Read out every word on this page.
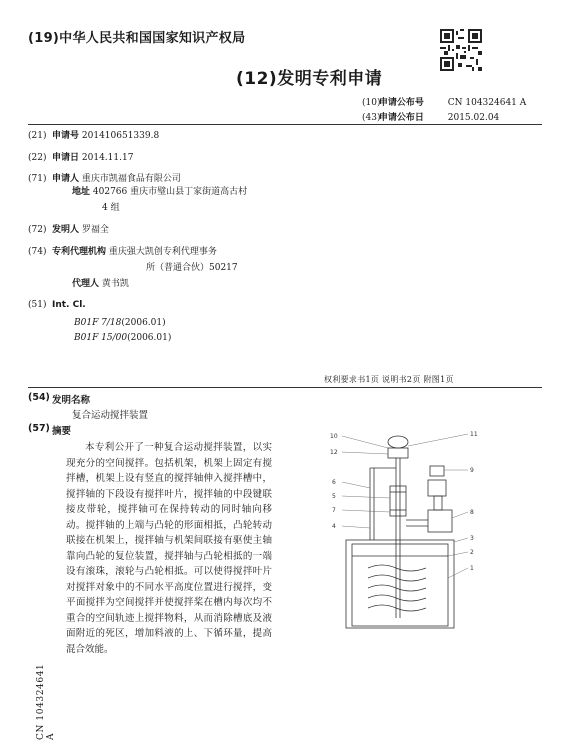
(19)中华人民共和国国家知识产权局
(12)发明专利申请
(10) 申请公布号	CN 104324641 A
(43) 申请公布日	2015.02.04
(21) 申请号 201410651339.8
(22) 申请日 2014.11.17
(71) 申请人 重庆市凯福食品有限公司
地址 402766 重庆市璧山县丁家街道高古村
4 组
(72) 发明人 罗福全
(74) 专利代理机构 重庆强大凯创专利代理事务
所（普通合伙）50217
代理人 黄书凯
(51) Int. Cl.
B01F 7/18(2006.01)
B01F 15/00(2006.01)
权利要求书1页 说明书2页 附图1页
(54) 发明名称
复合运动搅拌装置
(57) 摘要
本专利公开了一种复合运动搅拌装置，以实现充分的空间搅拌。包括机架，机架上固定有搅拌槽，机架上设有竖直的搅拌轴伸入搅拌槽中，搅拌轴的下段设有搅拌叶片，搅拌轴的中段键联接皮带轮，搅拌轴可在保持转动的同时轴向移动。搅拌轴的上端与凸轮的形面相抵，凸轮转动联接在机架上，搅拌轴与机架间联接有驱使主轴靠向凸轮的复位装置，搅拌轴与凸轮相抵的一端设有滚珠，滚轮与凸轮相抵。可以使得搅拌叶片对搅拌对象中的不同水平高度位置进行搅拌，变平面搅拌为空间搅拌并使搅拌桨在槽内每次均不重合的空间轨迹上搅拌物料，从而消除槽底及液面附近的死区，增加料液的上、下循环量，提高混合效能。
10	11
12
9
6
5
7	8
4
3
2
1
CN 104324641 A
